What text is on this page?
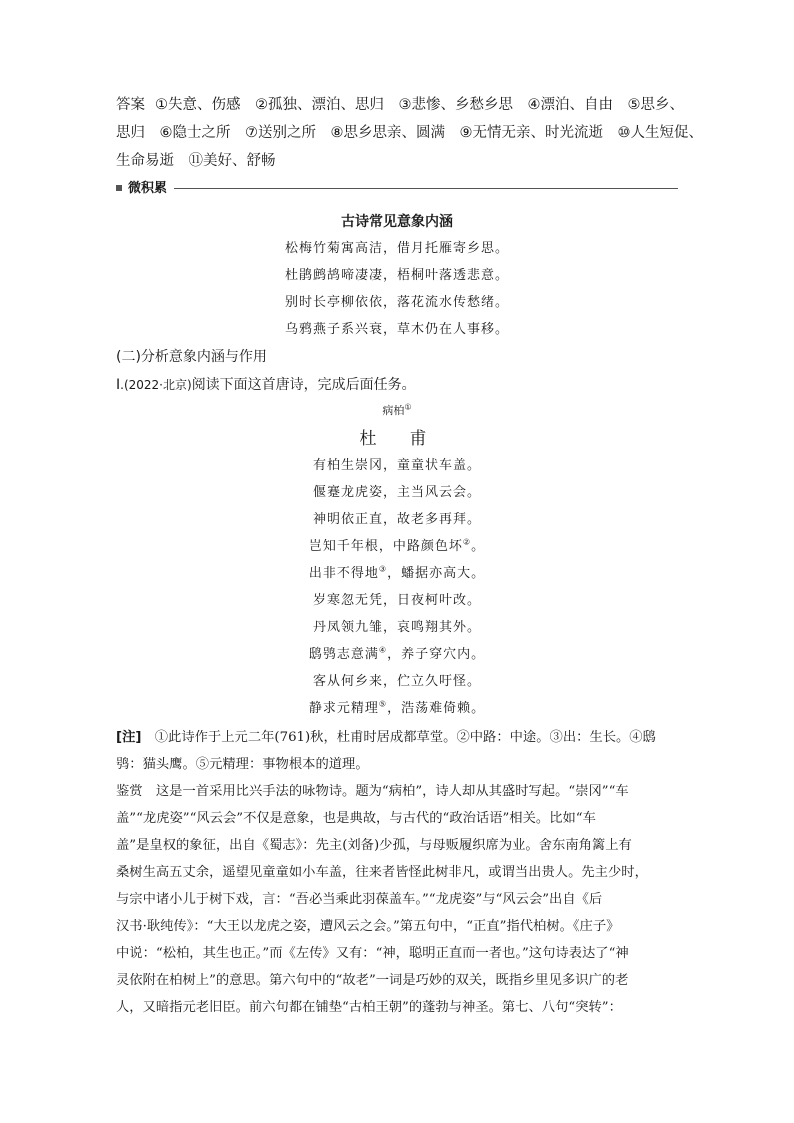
答案 ①失意、伤感　②孤独、漂泊、思归　③悲惨、乡愁乡思　④漂泊、自由　⑤思乡、
思归　⑥隐士之所　⑦送别之所　⑧思乡思亲、圆满　⑨无情无亲、时光流逝　⑩人生短促、
生命易逝　⑪美好、舒畅
微积累
古诗常见意象内涵
松梅竹菊寓高洁，借月托雁寄乡思。
杜鹃鹧鸪啼凄凄，梧桐叶落透悲意。
别时长亭柳依依，落花流水传愁绪。
乌鸦燕子系兴衰，草木仍在人事移。
(二)分析意象内涵与作用
Ⅰ.(2022·北京)阅读下面这首唐诗，完成后面任务。
病柏①
杜　甫
有柏生崇冈，童童状车盖。
偃蹇龙虎姿，主当风云会。
神明依正直，故老多再拜。
岂知千年根，中路颜色坏②。
出非不得地③，蟠据亦高大。
岁寒忽无凭，日夜柯叶改。
丹凤领九雏，哀鸣翔其外。
鸱鸮志意满④，养子穿穴内。
客从何乡来，伫立久吁怪。
静求元精理⑤，浩荡难倚赖。
[注]　①此诗作于上元二年(761)秋，杜甫时居成都草堂。②中路：中途。③出：生长。④鸱
鸮：猫头鹰。⑤元精理：事物根本的道理。
鉴赏　这是一首采用比兴手法的咏物诗。题为“病柏”，诗人却从其盛时写起。“崇冈”“车
盖”“龙虎姿”“风云会”不仅是意象，也是典故，与古代的“政治话语”相关。比如“车
盖”是皇权的象征，出自《蜀志》：先主(刘备)少孤，与母贩履织席为业。舍东南角篱上有
桑树生高五丈余，遥望见童童如小车盖，往来者皆怪此树非凡，或谓当出贵人。先主少时，
与宗中诸小儿于树下戏，言：“吾必当乘此羽葆盖车。”“龙虎姿”与“风云会”出自《后
汉书·耿纯传》：“大王以龙虎之姿，遭风云之会。”第五句中，“正直”指代柏树。《庄子》
中说：“松柏，其生也正。”而《左传》又有：“神，聪明正直而一者也。”这句诗表达了“神
灵依附在柏树上”的意思。第六句中的“故老”一词是巧妙的双关，既指乡里见多识广的老
人，又暗指元老旧臣。前六句都在铺垫“古柏王朝”的蓬勃与神圣。第七、八句“突转”：
